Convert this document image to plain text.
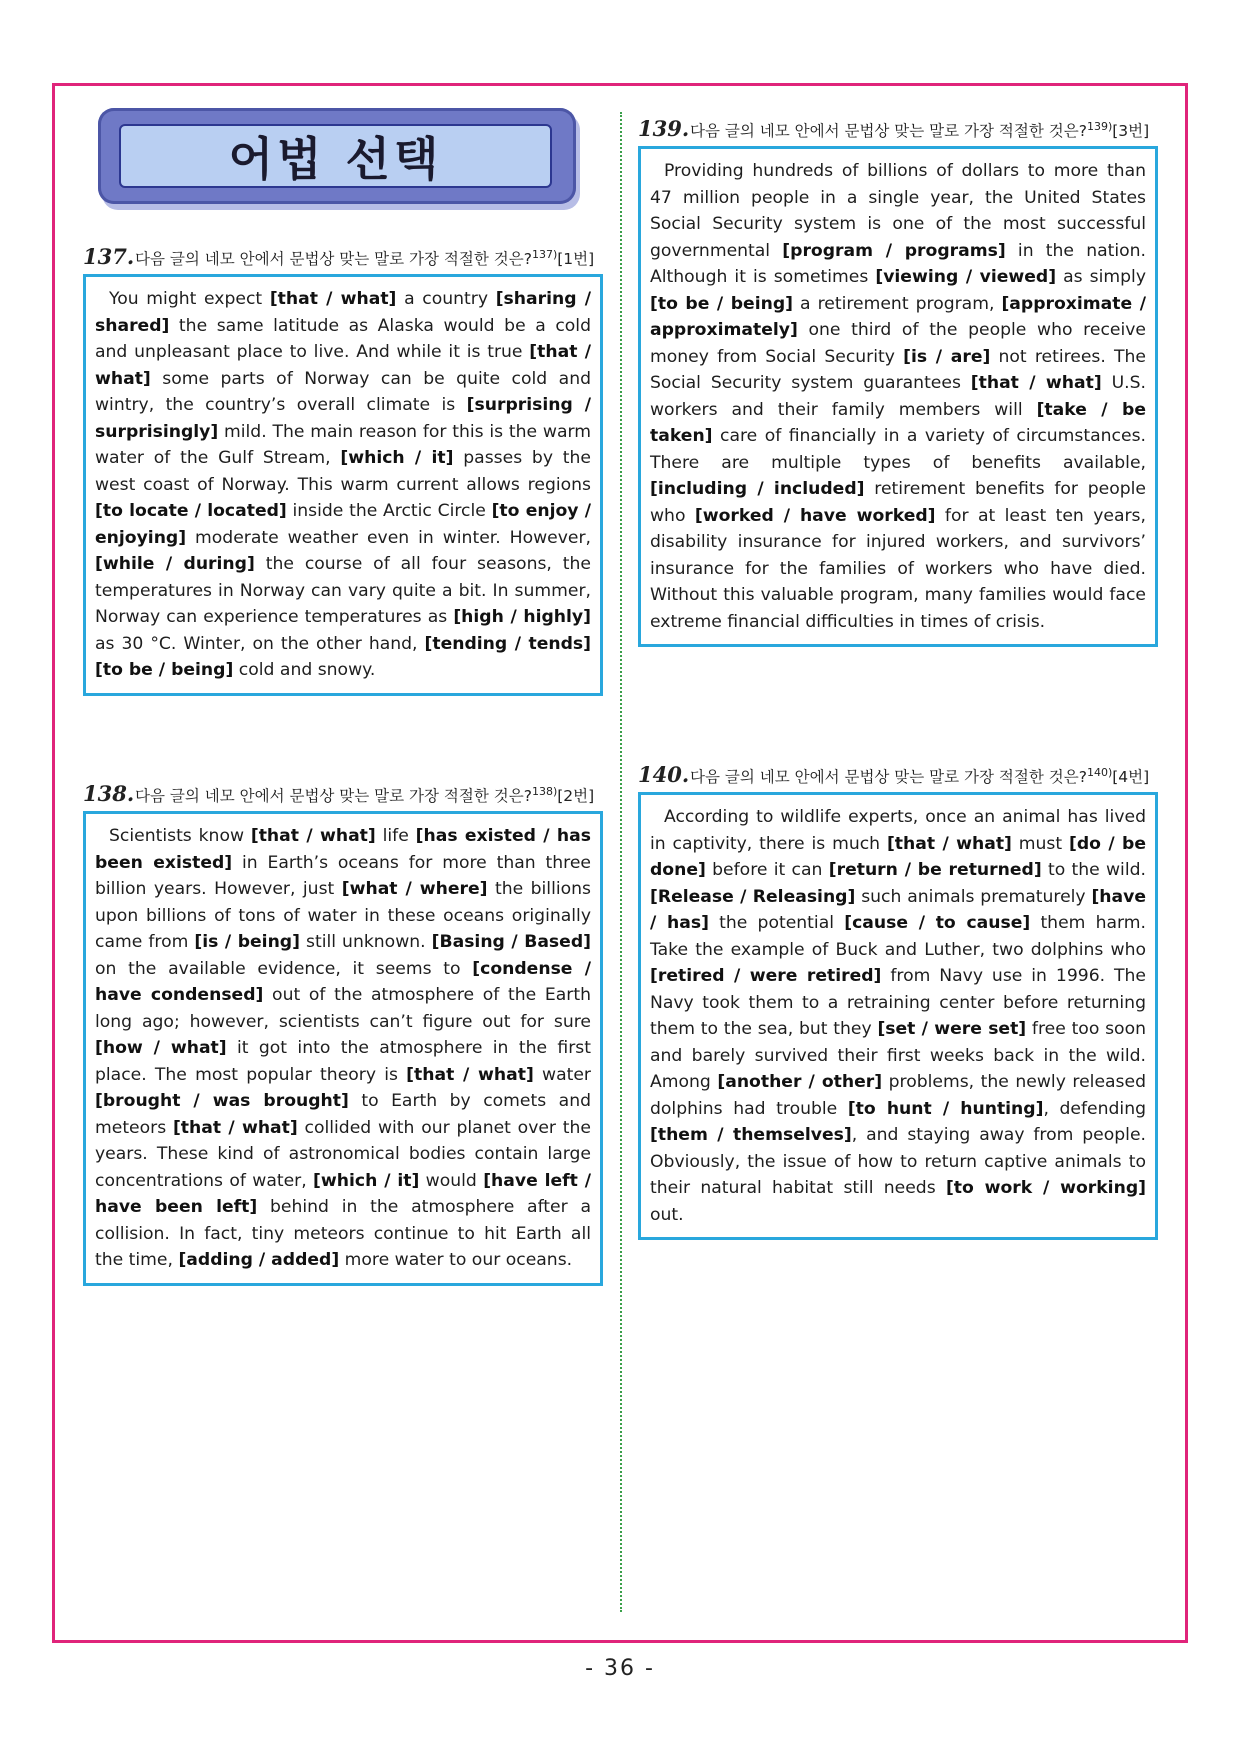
어법 선택
137.다음 글의 네모 안에서 문법상 맞는 말로 가장 적절한 것은?$^{137)}$[1번]
You might expect [that / what] a country [sharing / shared] the same latitude as Alaska would be a cold and unpleasant place to live. And while it is true [that / what] some parts of Norway can be quite cold and wintry, the country’s overall climate is [surprising / surprisingly] mild. The main reason for this is the warm water of the Gulf Stream, [which / it] passes by the west coast of Norway. This warm current allows regions [to locate / located] inside the Arctic Circle [to enjoy / enjoying] moderate weather even in winter. However, [while / during] the course of all four seasons, the temperatures in Norway can vary quite a bit. In summer, Norway can experience temperatures as [high / highly] as 30 °C. Winter, on the other hand, [tending / tends] [to be / being] cold and snowy.
138.다음 글의 네모 안에서 문법상 맞는 말로 가장 적절한 것은?$^{138)}$[2번]
Scientists know [that / what] life [has existed / has been existed] in Earth’s oceans for more than three billion years. However, just [what / where] the billions upon billions of tons of water in these oceans originally came from [is / being] still unknown. [Basing / Based] on the available evidence, it seems to [condense / have condensed] out of the atmosphere of the Earth long ago; however, scientists can’t figure out for sure [how / what] it got into the atmosphere in the first place. The most popular theory is [that / what] water [brought / was brought] to Earth by comets and meteors [that / what] collided with our planet over the years. These kind of astronomical bodies contain large concentrations of water, [which / it] would [have left / have been left] behind in the atmosphere after a collision. In fact, tiny meteors continue to hit Earth all the time, [adding / added] more water to our oceans.
139.다음 글의 네모 안에서 문법상 맞는 말로 가장 적절한 것은?$^{139)}$[3번]
Providing hundreds of billions of dollars to more than 47 million people in a single year, the United States Social Security system is one of the most successful governmental [program / programs] in the nation. Although it is sometimes [viewing / viewed] as simply [to be / being] a retirement program, [approximate / approximately] one third of the people who receive money from Social Security [is / are] not retirees. The Social Security system guarantees [that / what] U.S. workers and their family members will [take / be taken] care of financially in a variety of circumstances. There are multiple types of benefits available, [including / included] retirement benefits for people who [worked / have worked] for at least ten years, disability insurance for injured workers, and survivors’ insurance for the families of workers who have died. Without this valuable program, many families would face extreme financial difficulties in times of crisis.
140.다음 글의 네모 안에서 문법상 맞는 말로 가장 적절한 것은?$^{140)}$[4번]
According to wildlife experts, once an animal has lived in captivity, there is much [that / what] must [do / be done] before it can [return / be returned] to the wild. [Release / Releasing] such animals prematurely [have / has] the potential [cause / to cause] them harm. Take the example of Buck and Luther, two dolphins who [retired / were retired] from Navy use in 1996. The Navy took them to a retraining center before returning them to the sea, but they [set / were set] free too soon and barely survived their first weeks back in the wild. Among [another / other] problems, the newly released dolphins had trouble [to hunt / hunting], defending [them / themselves], and staying away from people. Obviously, the issue of how to return captive animals to their natural habitat still needs [to work / working] out.
- 36 -
